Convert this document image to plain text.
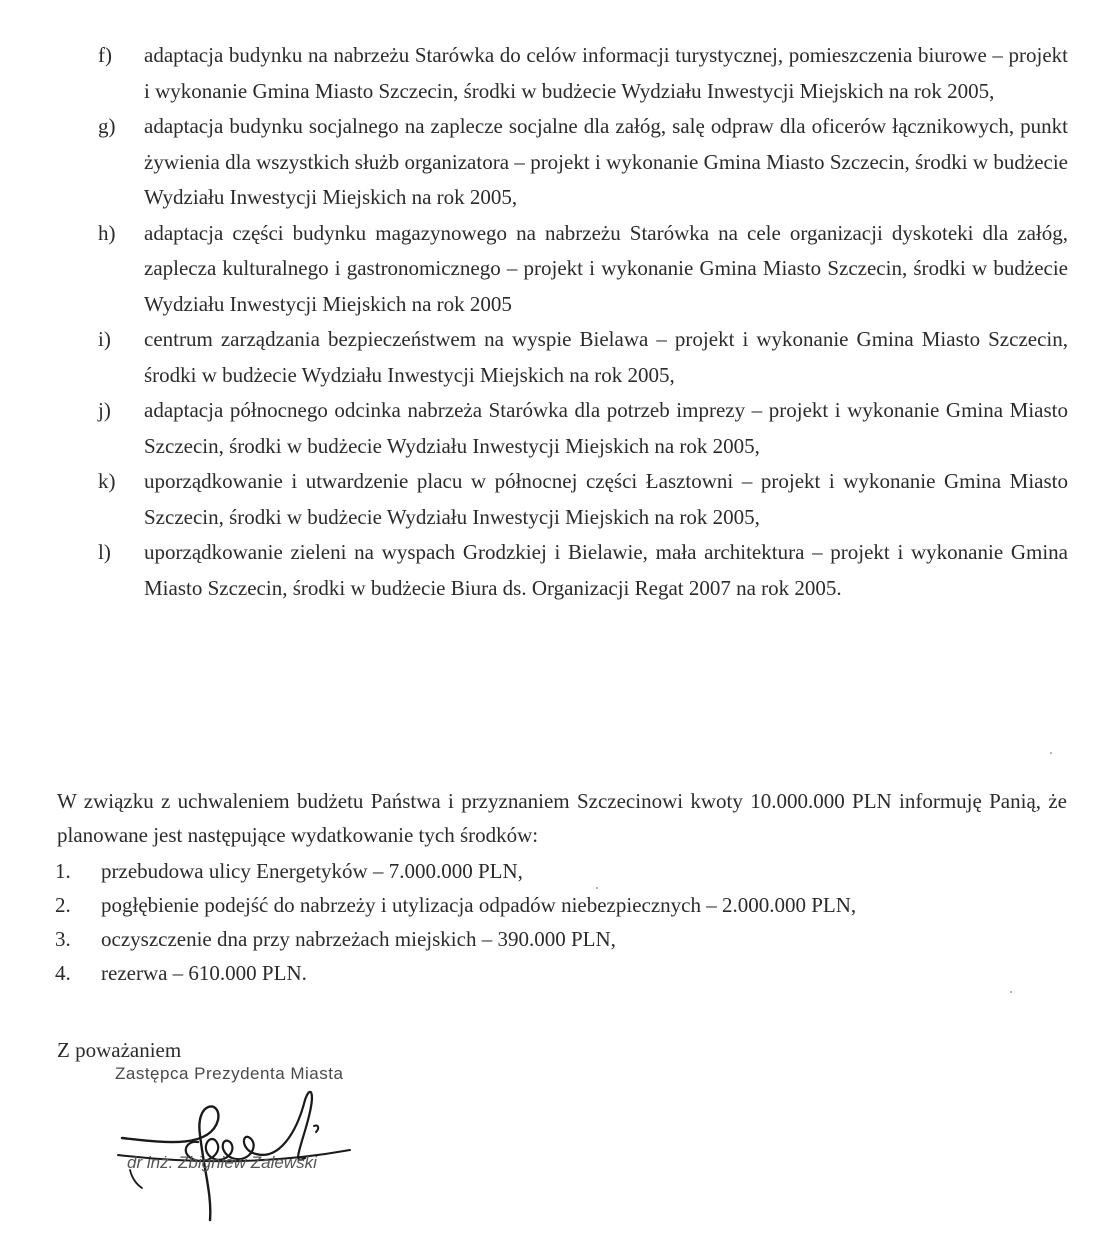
f) adaptacja budynku na nabrzeżu Starówka do celów informacji turystycznej, pomieszczenia biurowe – projekt i wykonanie Gmina Miasto Szczecin, środki w budżecie Wydziału Inwestycji Miejskich na rok 2005,
g) adaptacja budynku socjalnego na zaplecze socjalne dla załóg, salę odpraw dla oficerów łącznikowych, punkt żywienia dla wszystkich służb organizatora – projekt i wykonanie Gmina Miasto Szczecin, środki w budżecie Wydziału Inwestycji Miejskich na rok 2005,
h) adaptacja części budynku magazynowego na nabrzeżu Starówka na cele organizacji dyskoteki dla załóg, zaplecza kulturalnego i gastronomicznego – projekt i wykonanie Gmina Miasto Szczecin, środki w budżecie Wydziału Inwestycji Miejskich na rok 2005
i) centrum zarządzania bezpieczeństwem na wyspie Bielawa – projekt i wykonanie Gmina Miasto Szczecin, środki w budżecie Wydziału Inwestycji Miejskich na rok 2005,
j) adaptacja północnego odcinka nabrzeża Starówka dla potrzeb imprezy – projekt i wykonanie Gmina Miasto Szczecin, środki w budżecie Wydziału Inwestycji Miejskich na rok 2005,
k) uporządkowanie i utwardzenie placu w północnej części Łasztowni – projekt i wykonanie Gmina Miasto Szczecin, środki w budżecie Wydziału Inwestycji Miejskich na rok 2005,
l) uporządkowanie zieleni na wyspach Grodzkiej i Bielawie, mała architektura – projekt i wykonanie Gmina Miasto Szczecin, środki w budżecie Biura ds. Organizacji Regat 2007 na rok 2005.

W związku z uchwaleniem budżetu Państwa i przyznaniem Szczecinowi kwoty 10.000.000 PLN informuję Panią, że planowane jest następujące wydatkowanie tych środków:

1. przebudowa ulicy Energetyków – 7.000.000 PLN,
2. pogłębienie podejść do nabrzeży i utylizacja odpadów niebezpiecznych – 2.000.000 PLN,
3. oczyszczenie dna przy nabrzeżach miejskich – 390.000 PLN,
4. rezerwa – 610.000 PLN.

Z poważaniem

Zastępca Prezydenta Miasta
dr inż. Zbigniew Zalewski
